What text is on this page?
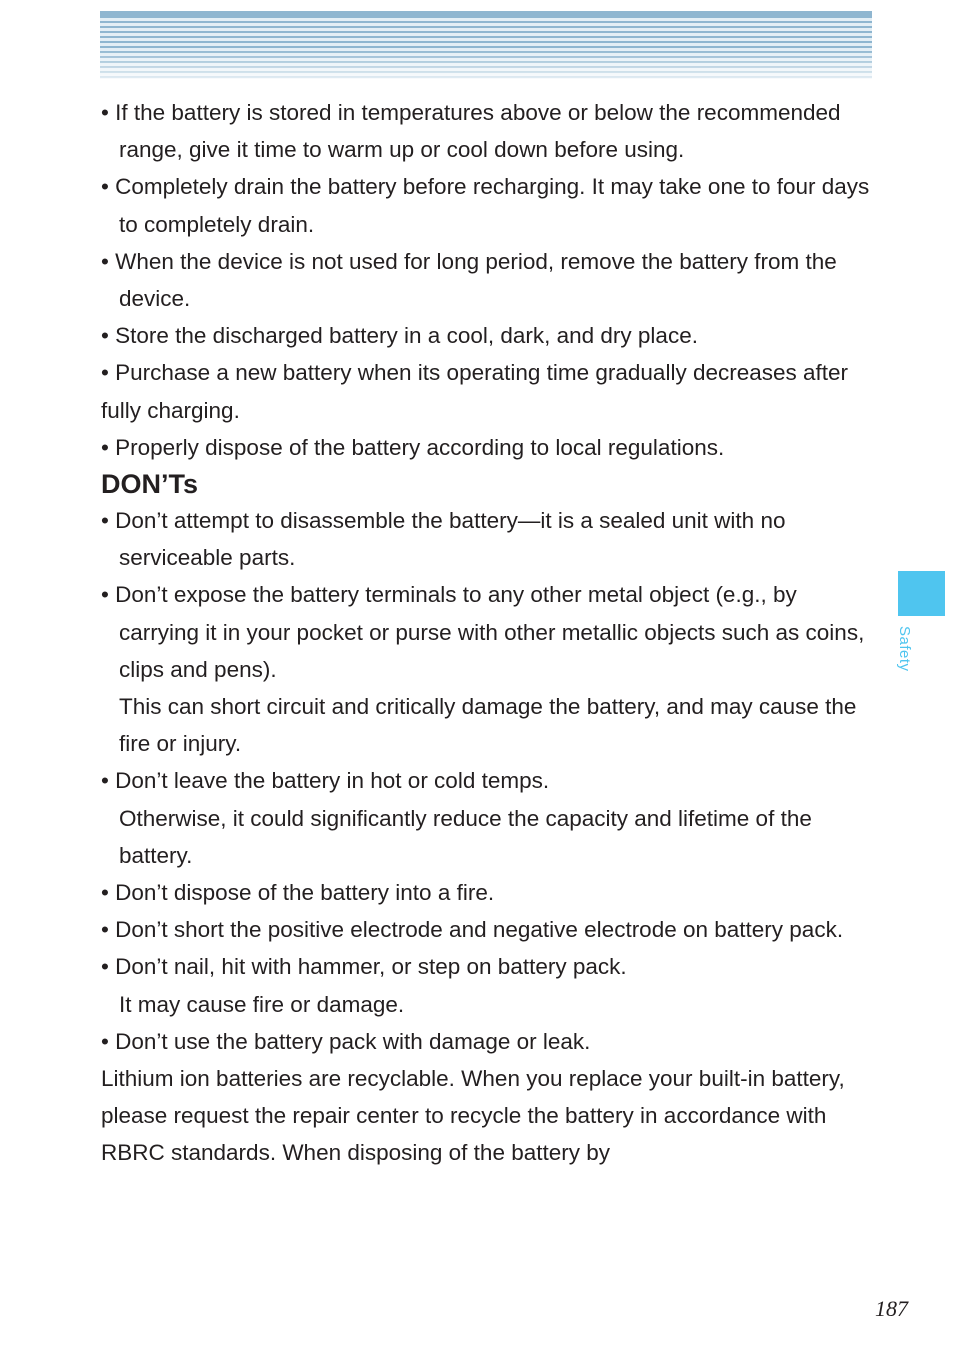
Safety

• If the battery is stored in temperatures above or below the recommended range, give it time to warm up or cool down before using.

• Completely drain the battery before recharging. It may take one to four days to completely drain.

• When the device is not used for long period, remove the battery from the device.

• Store the discharged battery in a cool, dark, and dry place.

• Purchase a new battery when its operating time gradually decreases after fully charging.

• Properly dispose of the battery according to local regulations.

DON’Ts

• Don’t attempt to disassemble the battery—it is a sealed unit with no serviceable parts.

• Don’t expose the battery terminals to any other metal object (e.g., by carrying it in your pocket or purse with other metallic objects such as coins, clips and pens).

This can short circuit and critically damage the battery, and may cause the fire or injury.

• Don’t leave the battery in hot or cold temps.

Otherwise, it could significantly reduce the capacity and lifetime of the battery.

• Don’t dispose of the battery into a fire.

• Don’t short the positive electrode and negative electrode on battery pack.

• Don’t nail, hit with hammer, or step on battery pack.

It may cause fire or damage.

• Don’t use the battery pack with damage or leak.

Lithium ion batteries are recyclable. When you replace your built-in battery, please request the repair center to recycle the battery in accordance with RBRC standards. When disposing of the battery by

187
